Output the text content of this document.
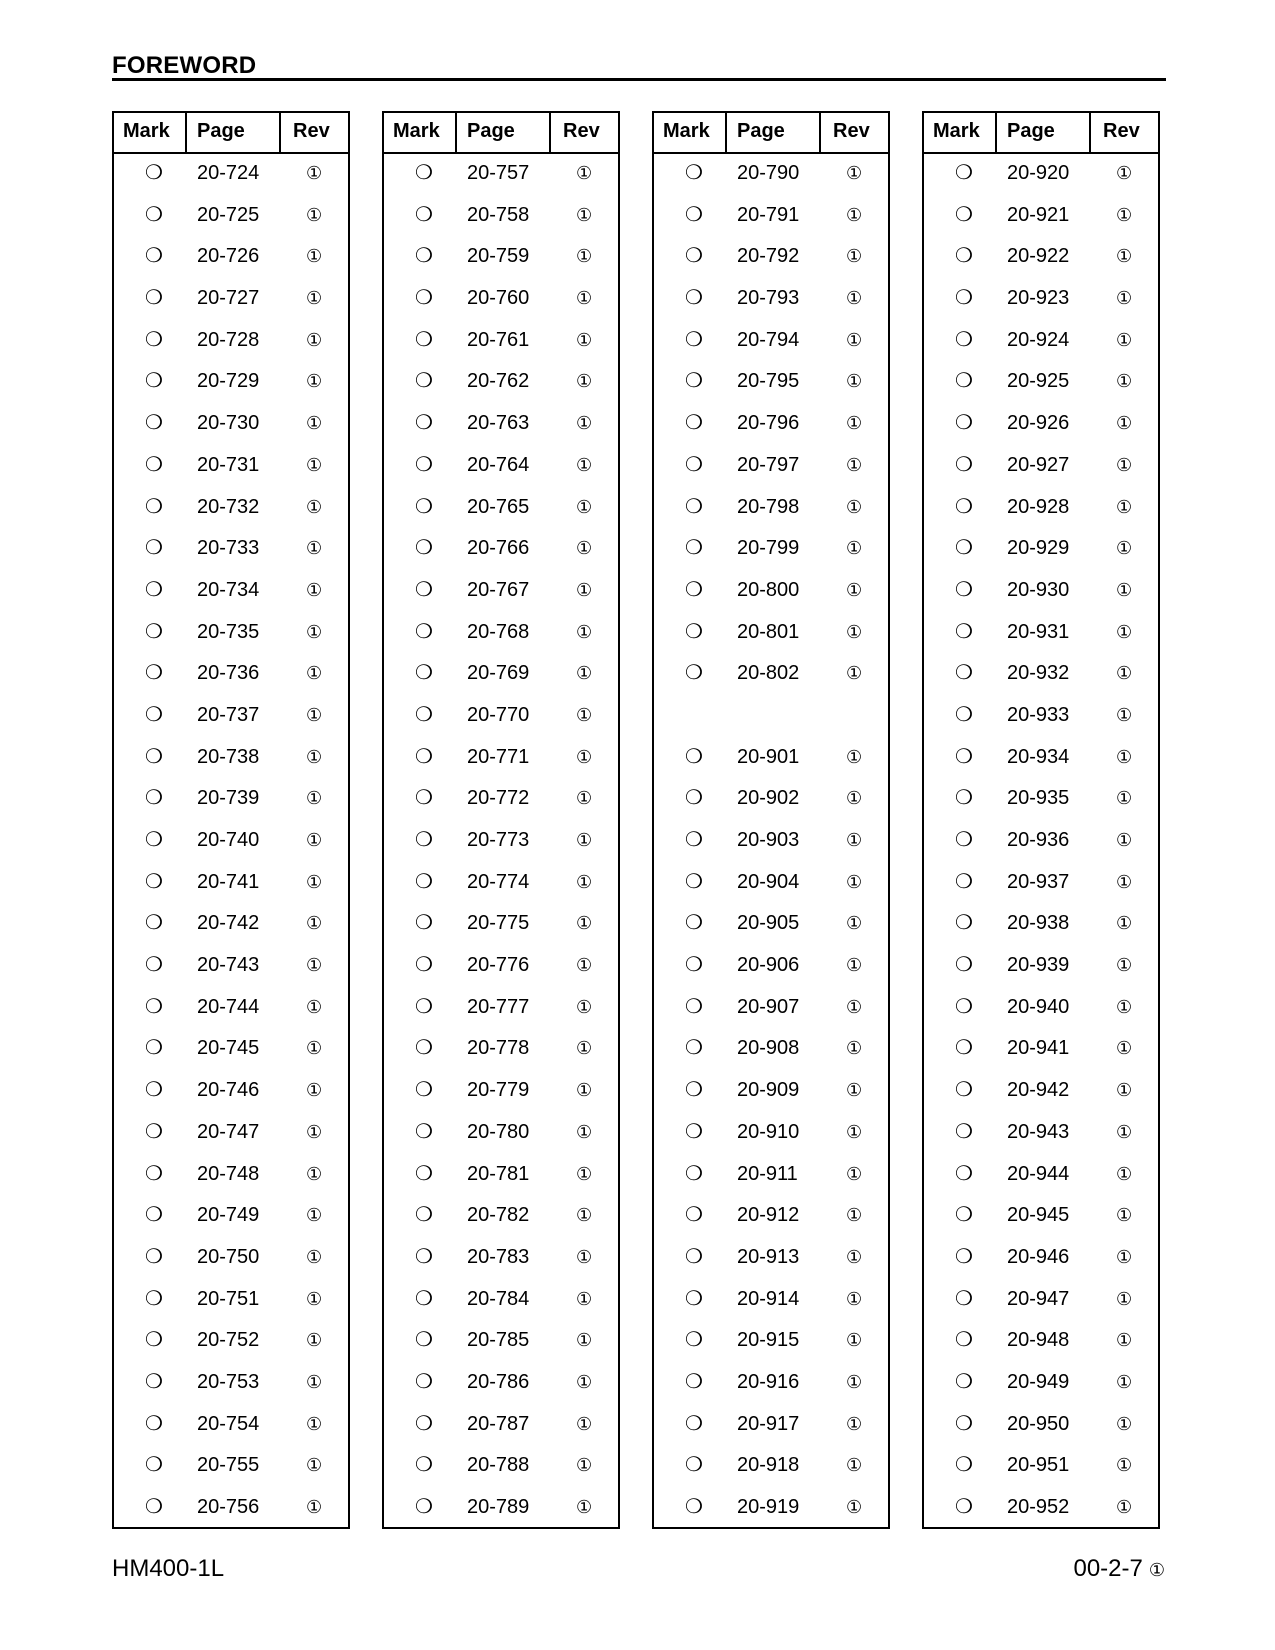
FOREWORD
Mark	Page	Rev
❍ 20-724	①
❍ 20-725	①
❍ 20-726	①
❍ 20-727	①
❍ 20-728	①
❍ 20-729	①
❍ 20-730	①
❍ 20-731	①
❍ 20-732	①
❍ 20-733	①
❍ 20-734	①
❍ 20-735	①
❍ 20-736	①
❍ 20-737	①
❍ 20-738	①
❍ 20-739	①
❍ 20-740	①
❍ 20-741	①
❍ 20-742	①
❍ 20-743	①
❍ 20-744	①
❍ 20-745	①
❍ 20-746	①
❍ 20-747	①
❍ 20-748	①
❍ 20-749	①
❍ 20-750	①
❍ 20-751	①
❍ 20-752	①
❍ 20-753	①
❍ 20-754	①
❍ 20-755	①
❍ 20-756	①
Mark	Page	Rev
❍ 20-757	①
❍ 20-758	①
❍ 20-759	①
❍ 20-760	①
❍ 20-761	①
❍ 20-762	①
❍ 20-763	①
❍ 20-764	①
❍ 20-765	①
❍ 20-766	①
❍ 20-767	①
❍ 20-768	①
❍ 20-769	①
❍ 20-770	①
❍ 20-771	①
❍ 20-772	①
❍ 20-773	①
❍ 20-774	①
❍ 20-775	①
❍ 20-776	①
❍ 20-777	①
❍ 20-778	①
❍ 20-779	①
❍ 20-780	①
❍ 20-781	①
❍ 20-782	①
❍ 20-783	①
❍ 20-784	①
❍ 20-785	①
❍ 20-786	①
❍ 20-787	①
❍ 20-788	①
❍ 20-789	①
Mark	Page	Rev
❍ 20-790	①
❍ 20-791	①
❍ 20-792	①
❍ 20-793	①
❍ 20-794	①
❍ 20-795	①
❍ 20-796	①
❍ 20-797	①
❍ 20-798	①
❍ 20-799	①
❍ 20-800	①
❍ 20-801	①
❍ 20-802	①
❍ 20-901	①
❍ 20-902	①
❍ 20-903	①
❍ 20-904	①
❍ 20-905	①
❍ 20-906	①
❍ 20-907	①
❍ 20-908	①
❍ 20-909	①
❍ 20-910	①
❍ 20-911	①
❍ 20-912	①
❍ 20-913	①
❍ 20-914	①
❍ 20-915	①
❍ 20-916	①
❍ 20-917	①
❍ 20-918	①
❍ 20-919	①
Mark	Page	Rev
❍ 20-920	①
❍ 20-921	①
❍ 20-922	①
❍ 20-923	①
❍ 20-924	①
❍ 20-925	①
❍ 20-926	①
❍ 20-927	①
❍ 20-928	①
❍ 20-929	①
❍ 20-930	①
❍ 20-931	①
❍ 20-932	①
❍ 20-933	①
❍ 20-934	①
❍ 20-935	①
❍ 20-936	①
❍ 20-937	①
❍ 20-938	①
❍ 20-939	①
❍ 20-940	①
❍ 20-941	①
❍ 20-942	①
❍ 20-943	①
❍ 20-944	①
❍ 20-945	①
❍ 20-946	①
❍ 20-947	①
❍ 20-948	①
❍ 20-949	①
❍ 20-950	①
❍ 20-951	①
❍ 20-952	①
HM400-1L	00-2-7 ①
